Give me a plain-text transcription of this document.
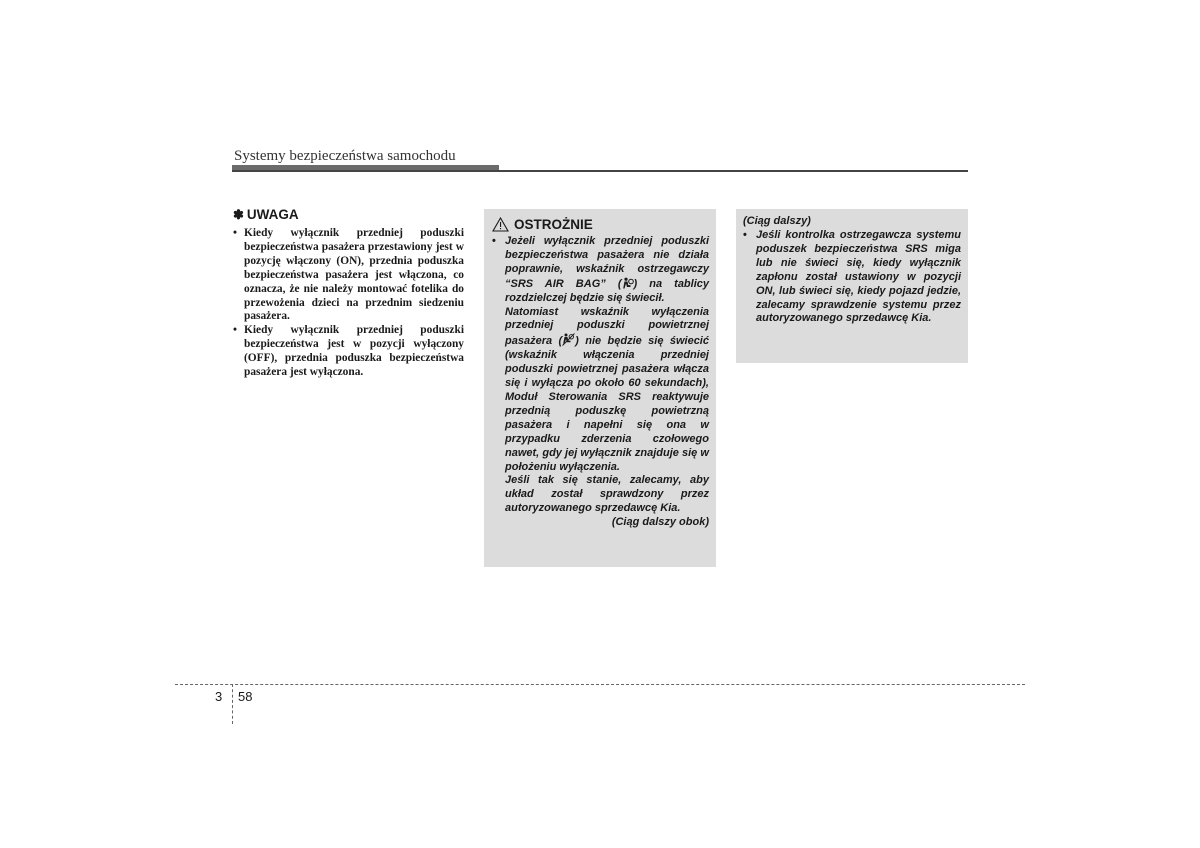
Systemy bezpieczeństwa samochodu
✽ UWAGA
• Kiedy wyłącznik przedniej poduszki bezpieczeństwa pasażera przestawiony jest w pozycję włączony (ON), przednia poduszka bezpieczeństwa pasażera jest włączona, co oznacza, że nie należy montować fotelika do przewożenia dzieci na przednim siedzeniu pasażera.
• Kiedy wyłącznik przedniej poduszki bezpieczeństwa jest w pozycji wyłączony (OFF), przednia poduszka bezpieczeństwa pasażera jest wyłączona.
OSTROŻNIE

• Jeżeli wyłącznik przedniej poduszki bezpieczeństwa pasażera nie działa poprawnie, wskaźnik ostrzegawczy “SRS AIR BAG” ( ) na tablicy rozdzielczej będzie się świecił.

Natomiast wskaźnik wyłączenia przedniej poduszki powietrznej pasażera ( ) nie będzie się świecić (wskaźnik włączenia przedniej poduszki powietrznej pasażera włącza się i wyłącza po około 60 sekundach), Moduł Sterowania SRS reaktywuje przednią poduszkę powietrzną pasażera i napełni się ona w przypadku zderzenia czołowego nawet, gdy jej wyłącznik znajduje się w położeniu wyłączenia.

Jeśli tak się stanie, zalecamy, aby układ został sprawdzony przez autoryzowanego sprzedawcę Kia.

(Ciąg dalszy obok)

(Ciąg dalszy)
• Jeśli kontrolka ostrzegawcza systemu poduszek bezpieczeństwa SRS miga lub nie świeci się, kiedy wyłącznik zapłonu został ustawiony w pozycji ON, lub świeci się, kiedy pojazd jedzie, zalecamy sprawdzenie systemu przez autoryzowanego sprzedawcę Kia.
3 58
